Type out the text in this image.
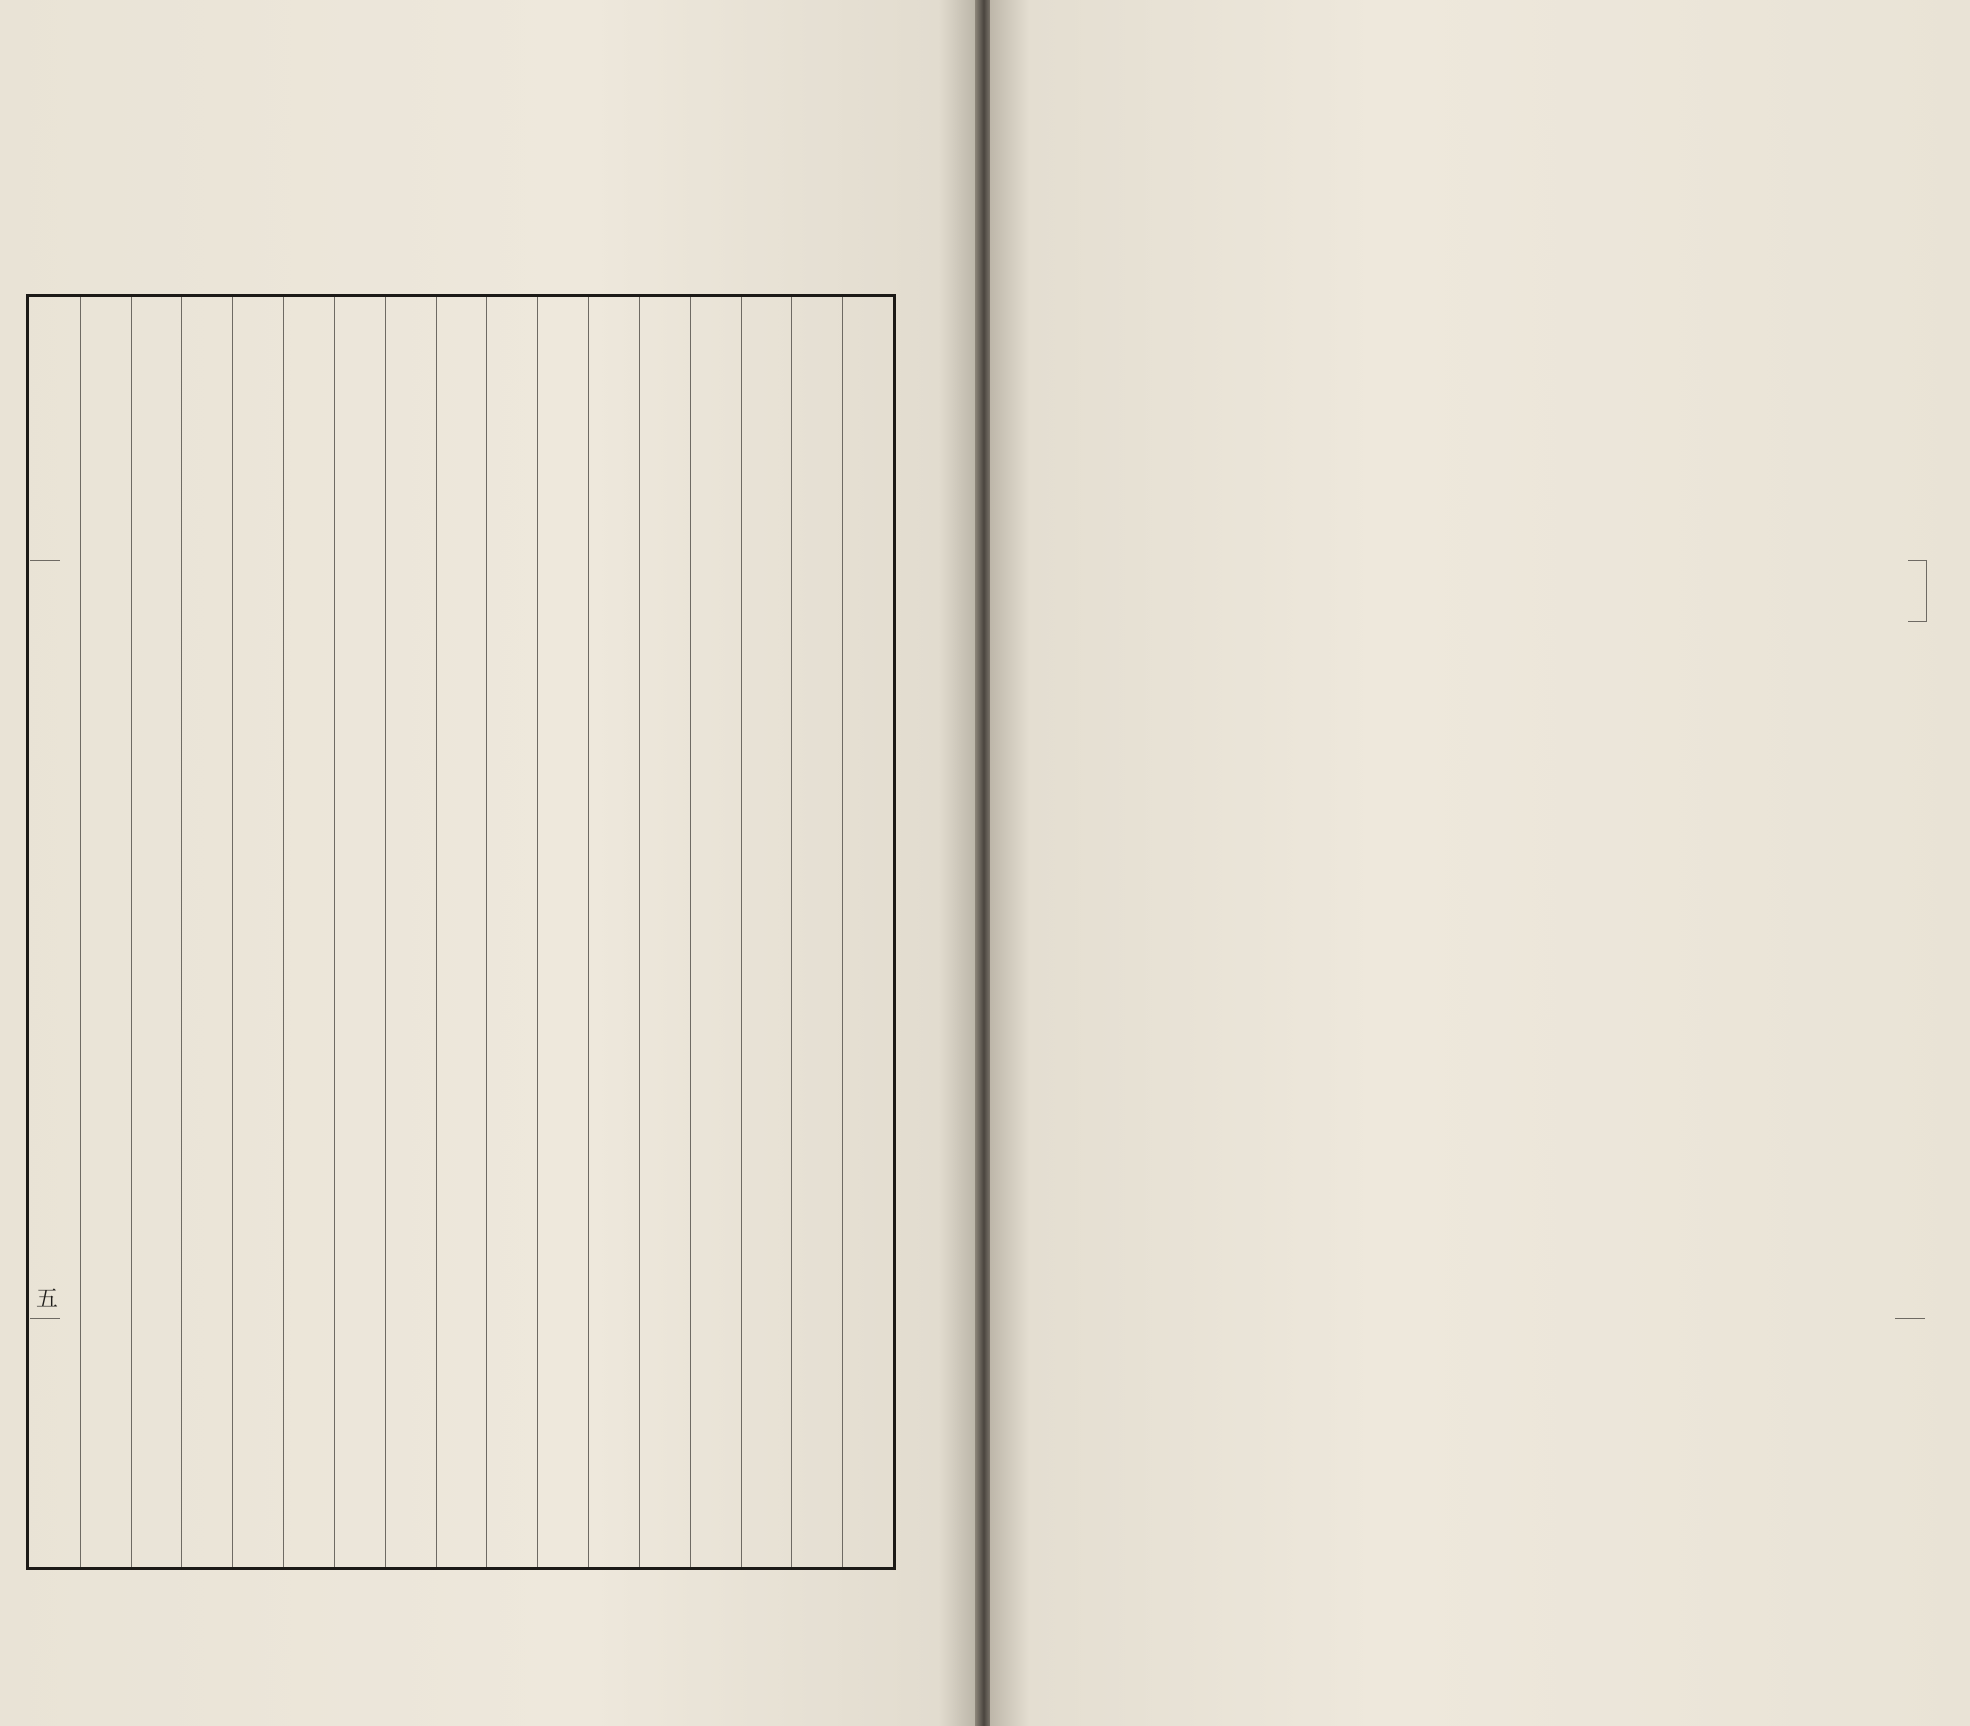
五
